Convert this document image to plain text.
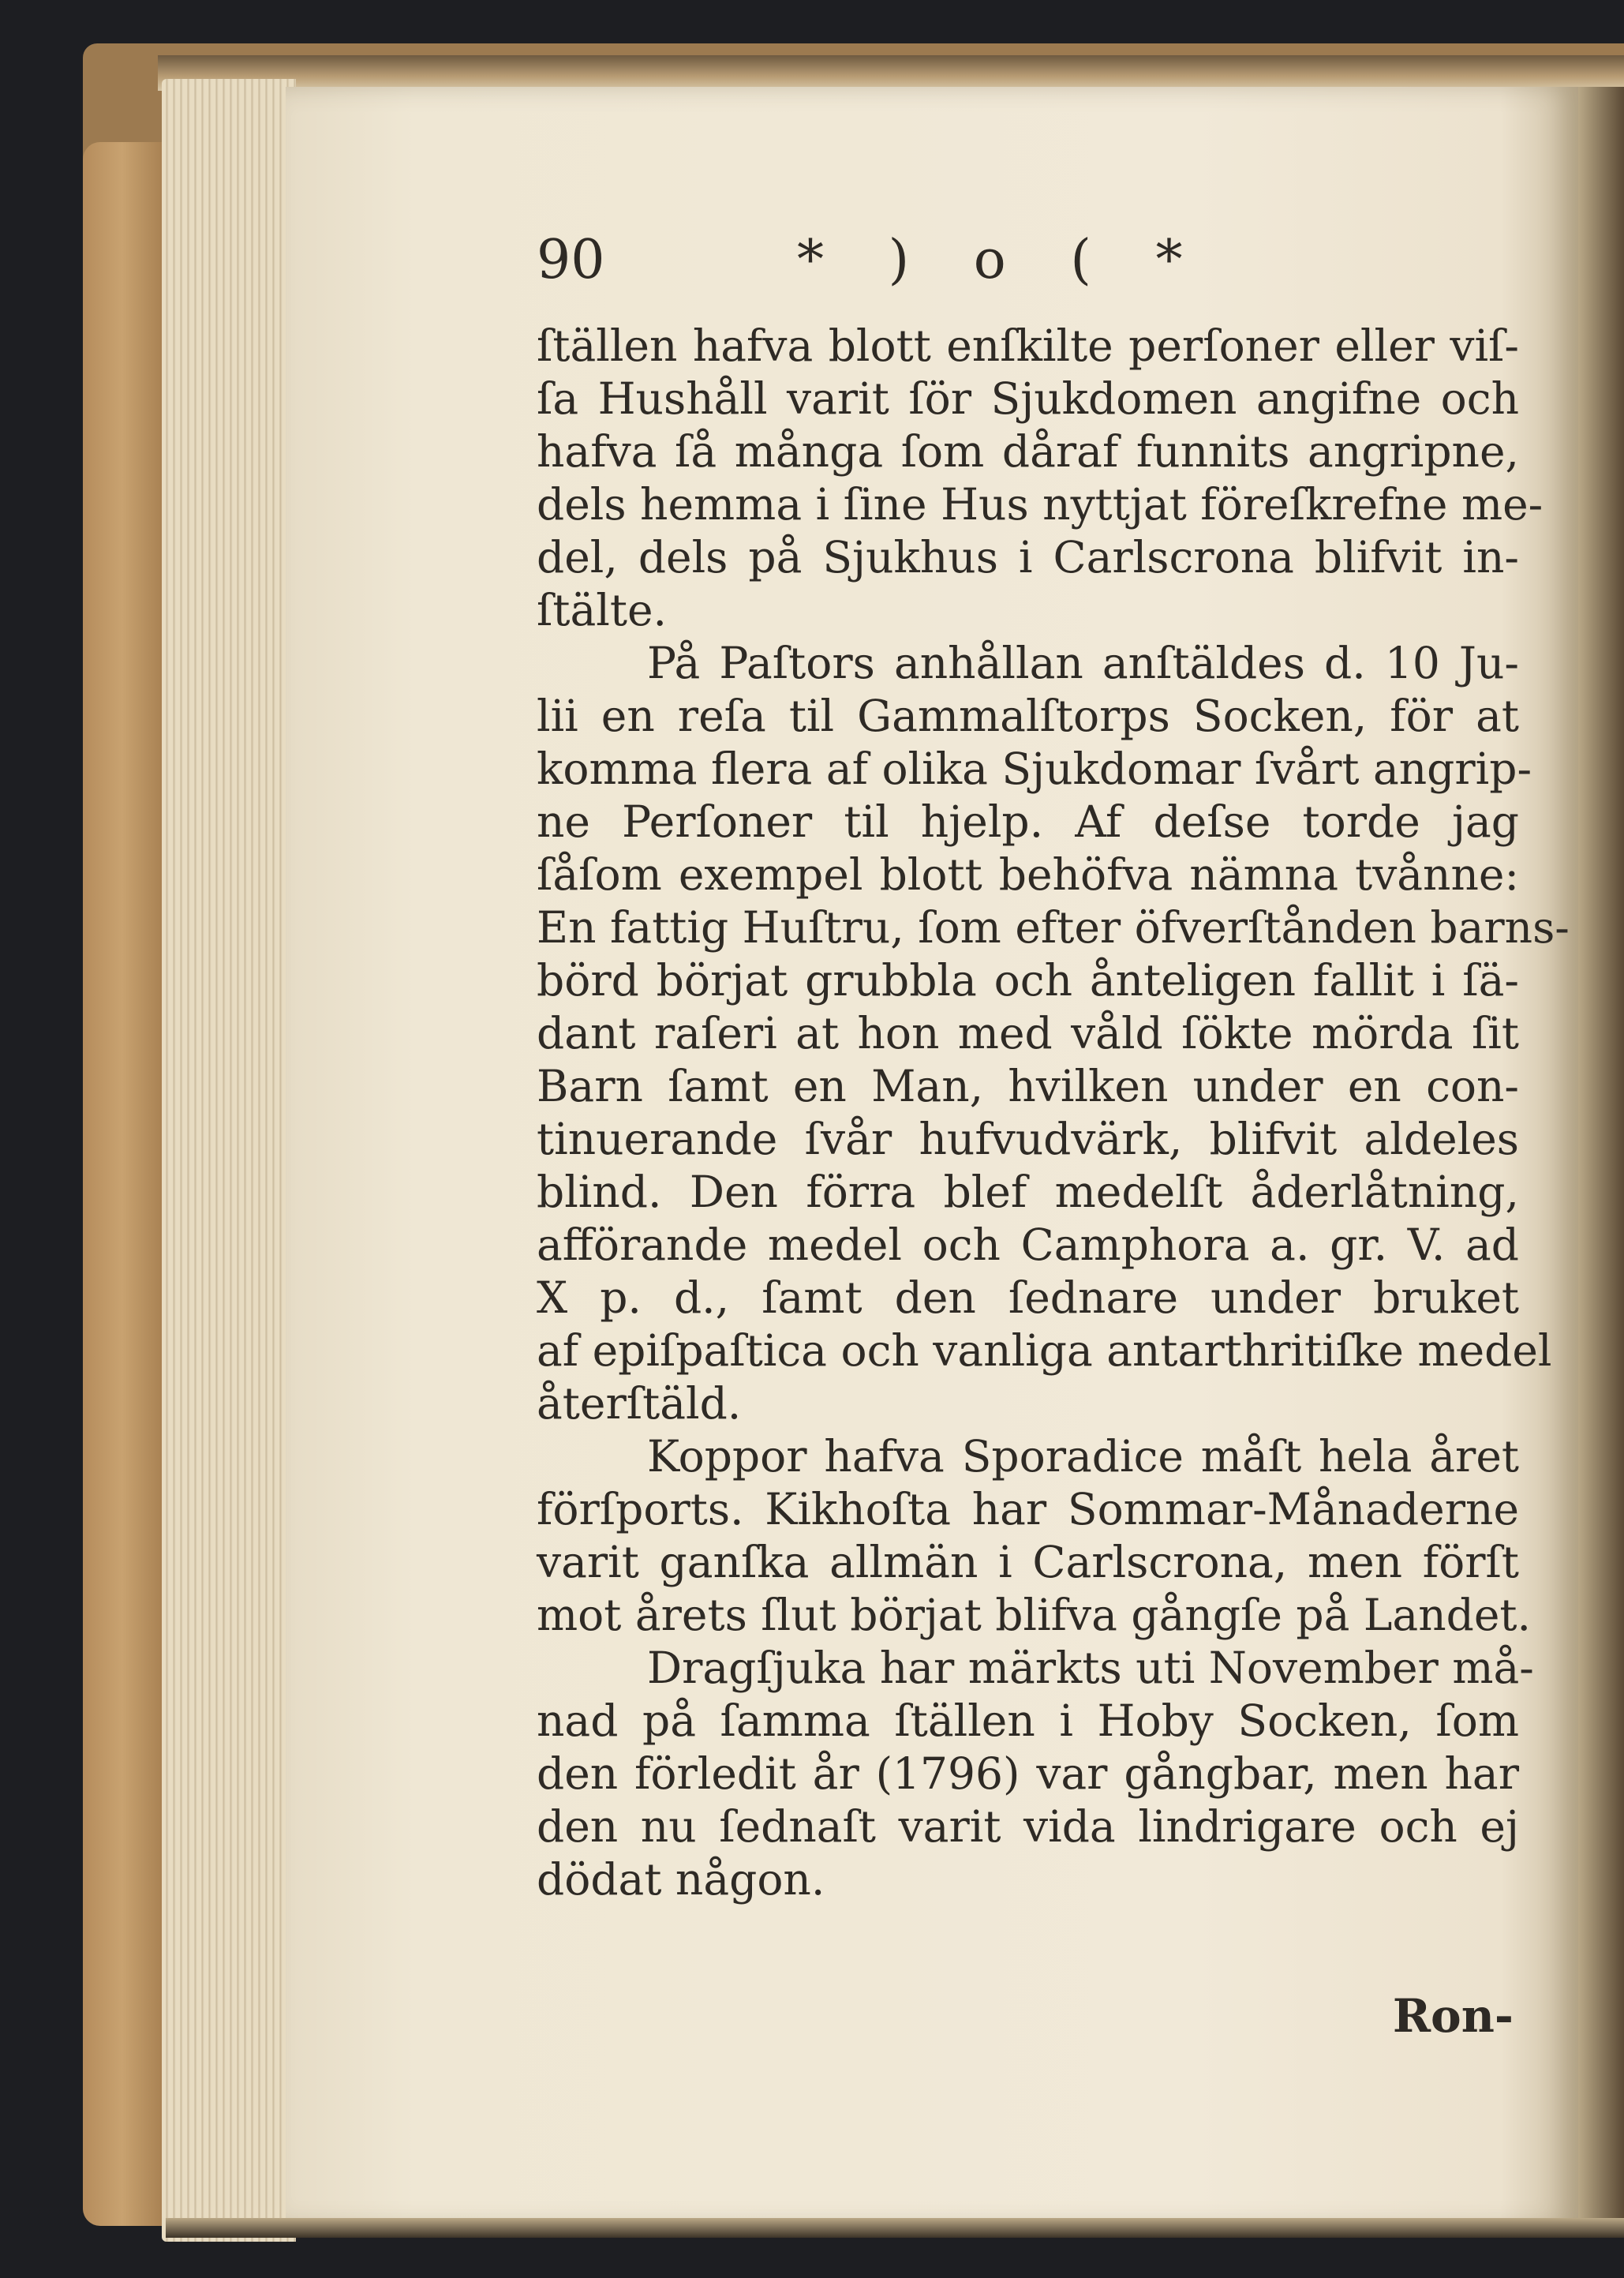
90	* ) o ( *
ſtällen hafva blott enſkilte perſoner eller viſ-
ſa Hushåll varit ſör Sjukdomen angifne och
hafva ſå många ſom dåraf funnits angripne,
dels hemma i ſine Hus nyttjat föreſkrefne me-
del, dels på Sjukhus i Carlscrona blifvit in-
ſtälte.
På Paſtors anhållan anſtäldes d. 10 Ju-
lii en reſa til Gammalſtorps Socken, för at
komma flera af olika Sjukdomar ſvårt angrip-
ne Perſoner til hjelp. Af deſse torde jag
ſåſom exempel blott behöfva nämna tvånne:
En fattig Huſtru, ſom efter öfverſtånden barns-
börd börjat grubbla och ånteligen fallit i ſä-
dant raſeri at hon med våld ſökte mörda ſit
Barn ſamt en Man, hvilken under en con-
tinuerande ſvår hufvudvärk, blifvit aldeles
blind. Den förra blef medelſt åderlåtning,
afförande medel och Camphora a. gr. V. ad
X p. d., ſamt den ſednare under bruket
af epiſpaſtica och vanliga antarthritiſke medel
återſtäld.
Koppor hafva Sporadice måſt hela året
förſports. Kikhoſta har Sommar-Månaderne
varit ganſka allmän i Carlscrona, men förſt
mot årets ſlut börjat blifva gångſe på Landet.
Dragſjuka har märkts uti November må-
nad på ſamma ſtällen i Hoby Socken, ſom
den förledit år (1796) var gångbar, men har
den nu ſednaſt varit vida lindrigare och ej
dödat någon.
Ron-
